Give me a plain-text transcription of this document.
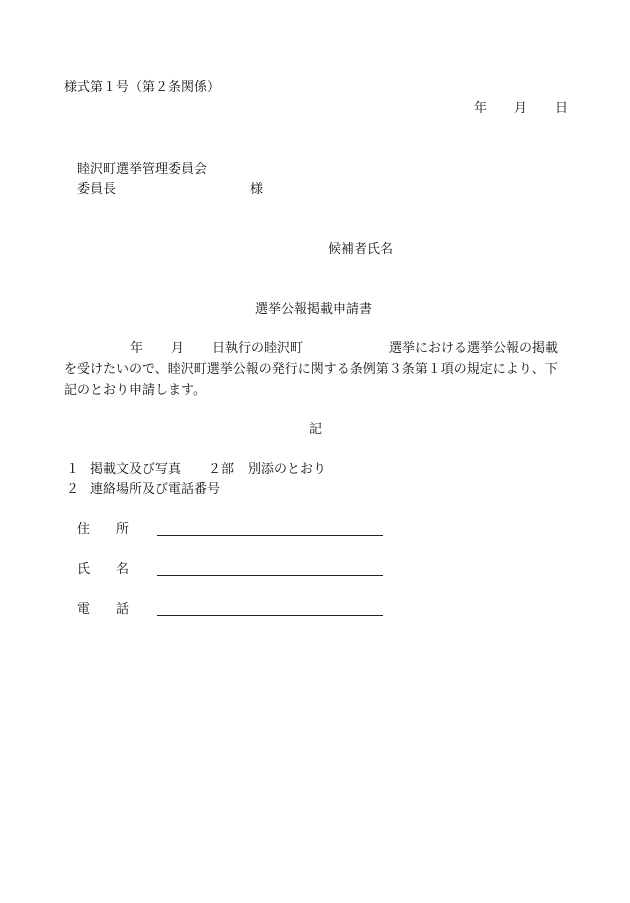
様式第１号（第２条関係）
年 月 日
睦沢町選挙管理委員会
委員長	様
候補者氏名
選挙公報掲載申請書
年 月 日執行の睦沢町	選挙における選挙公報の掲載
を受けたいので、睦沢町選挙公報の発行に関する条例第３条第１項の規定により、下
記のとおり申請します。
記
１ 掲載文及び写真 ２部 別添のとおり
２ 連絡場所及び電話番号
住 所
氏 名
電 話
